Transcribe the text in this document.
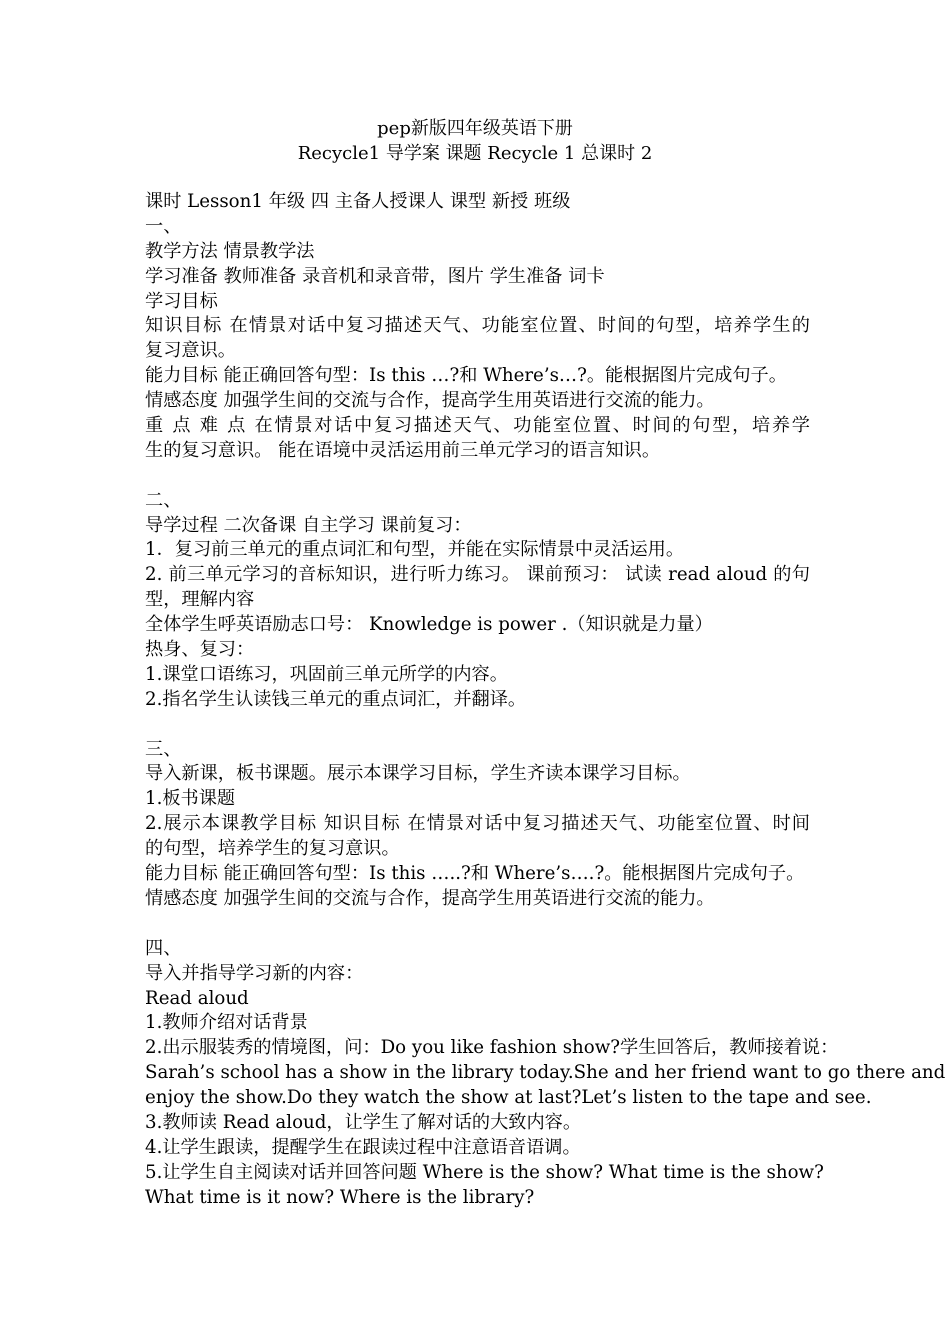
pep新版四年级英语下册
Recycle1 导学案 课题 Recycle 1 总课时 2
课时 Lesson1 年级 四 主备人授课人 课型 新授 班级
一、
教学方法 情景教学法
学习准备 教师准备 录音机和录音带，图片 学生准备 词卡
学习目标
知识目标 在情景对话中复习描述天气、功能室位置、时间的句型，培养学生的
复习意识。
能力目标 能正确回答句型：Is this …?和 Where’s…?。能根据图片完成句子。
情感态度 加强学生间的交流与合作，提高学生用英语进行交流的能力。
重 点 难 点 在情景对话中复习描述天气、功能室位置、时间的句型，培养学
生的复习意识。 能在语境中灵活运用前三单元学习的语言知识。
二、
导学过程 二次备课 自主学习 课前复习：
1．复习前三单元的重点词汇和句型，并能在实际情景中灵活运用。
2. 前三单元学习的音标知识，进行听力练习。 课前预习： 试读 read aloud 的句
型，理解内容
全体学生呼英语励志口号： Knowledge is power .（知识就是力量）
热身、复习：
1.课堂口语练习，巩固前三单元所学的内容。
2.指名学生认读钱三单元的重点词汇，并翻译。
三、
导入新课，板书课题。展示本课学习目标，学生齐读本课学习目标。
1.板书课题
2.展示本课教学目标 知识目标 在情景对话中复习描述天气、功能室位置、时间
的句型，培养学生的复习意识。
能力目标 能正确回答句型：Is this …..?和 Where’s….?。能根据图片完成句子。
情感态度 加强学生间的交流与合作，提高学生用英语进行交流的能力。
四、
导入并指导学习新的内容：
Read aloud
1.教师介绍对话背景
2.出示服装秀的情境图，问：Do you like fashion show?学生回答后，教师接着说：
Sarah’s school has a show in the library today.She and her friend want to go there and
enjoy the show.Do they watch the show at last?Let’s listen to the tape and see.
3.教师读 Read aloud，让学生了解对话的大致内容。
4.让学生跟读，提醒学生在跟读过程中注意语音语调。
5.让学生自主阅读对话并回答问题 Where is the show? What time is the show?
What time is it now? Where is the library?
